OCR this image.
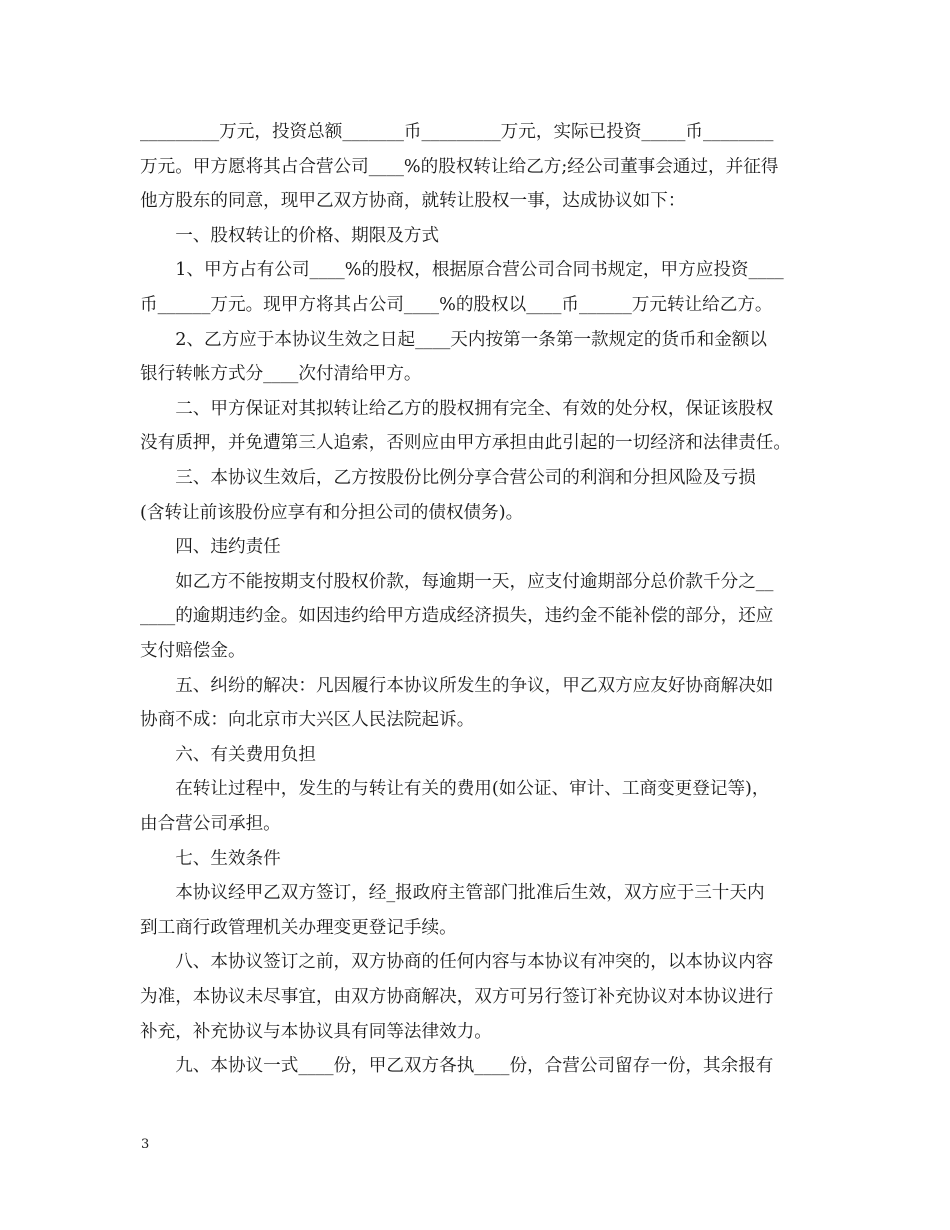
_________万元，投资总额_______币_________万元，实际已投资_____币________
万元。甲方愿将其占合营公司____%的股权转让给乙方;经公司董事会通过，并征得
他方股东的同意，现甲乙双方协商，就转让股权一事，达成协议如下：
　　一、股权转让的价格、期限及方式
　　1、甲方占有公司____%的股权，根据原合营公司合同书规定，甲方应投资____
币______万元。现甲方将其占公司____%的股权以____币______万元转让给乙方。
　　2、乙方应于本协议生效之日起____天内按第一条第一款规定的货币和金额以
银行转帐方式分____次付清给甲方。
　　二、甲方保证对其拟转让给乙方的股权拥有完全、有效的处分权，保证该股权
没有质押，并免遭第三人追索，否则应由甲方承担由此引起的一切经济和法律责任。
　　三、本协议生效后，乙方按股份比例分享合营公司的利润和分担风险及亏损
(含转让前该股份应享有和分担公司的债权债务)。
　　四、违约责任
　　如乙方不能按期支付股权价款，每逾期一天，应支付逾期部分总价款千分之__
____的逾期违约金。如因违约给甲方造成经济损失，违约金不能补偿的部分，还应
支付赔偿金。
　　五、纠纷的解决：凡因履行本协议所发生的争议，甲乙双方应友好协商解决如
协商不成：向北京市大兴区人民法院起诉。
　　六、有关费用负担
　　在转让过程中，发生的与转让有关的费用(如公证、审计、工商变更登记等)，
由合营公司承担。
　　七、生效条件
　　本协议经甲乙双方签订，经_报政府主管部门批准后生效，双方应于三十天内
到工商行政管理机关办理变更登记手续。
　　八、本协议签订之前，双方协商的任何内容与本协议有冲突的，以本协议内容
为准，本协议未尽事宜，由双方协商解决，双方可另行签订补充协议对本协议进行
补充，补充协议与本协议具有同等法律效力。
　　九、本协议一式____份，甲乙双方各执____份，合营公司留存一份，其余报有
3
